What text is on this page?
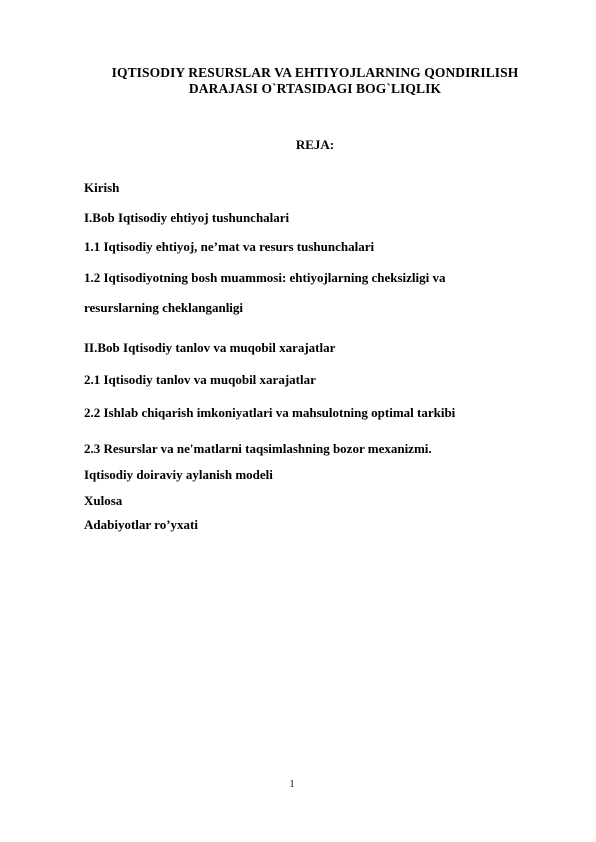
IQTISODIY RESURSLAR VA EHTIYOJLARNING QONDIRILISH
DARAJASI O`RTASIDAGI BOG`LIQLIK
REJA:
Kirish
I.Bob Iqtisodiy ehtiyoj tushunchalari
1.1 Iqtisodiy ehtiyoj, ne’mat va resurs tushunchalari
1.2 Iqtisodiyotning bosh muammosi: ehtiyojlarning cheksizligi va
resurslarning cheklanganligi
II.Bob Iqtisodiy tanlov va muqobil xarajatlar
2.1 Iqtisodiy tanlov va muqobil xarajatlar
2.2 Ishlab chiqarish imkoniyatlari va mahsulotning optimal tarkibi
2.3 Resurslar va ne'matlarni taqsimlashning bozor mexanizmi.
Iqtisodiy doiraviy aylanish modeli
Xulosa
Adabiyotlar ro’yxati
1
